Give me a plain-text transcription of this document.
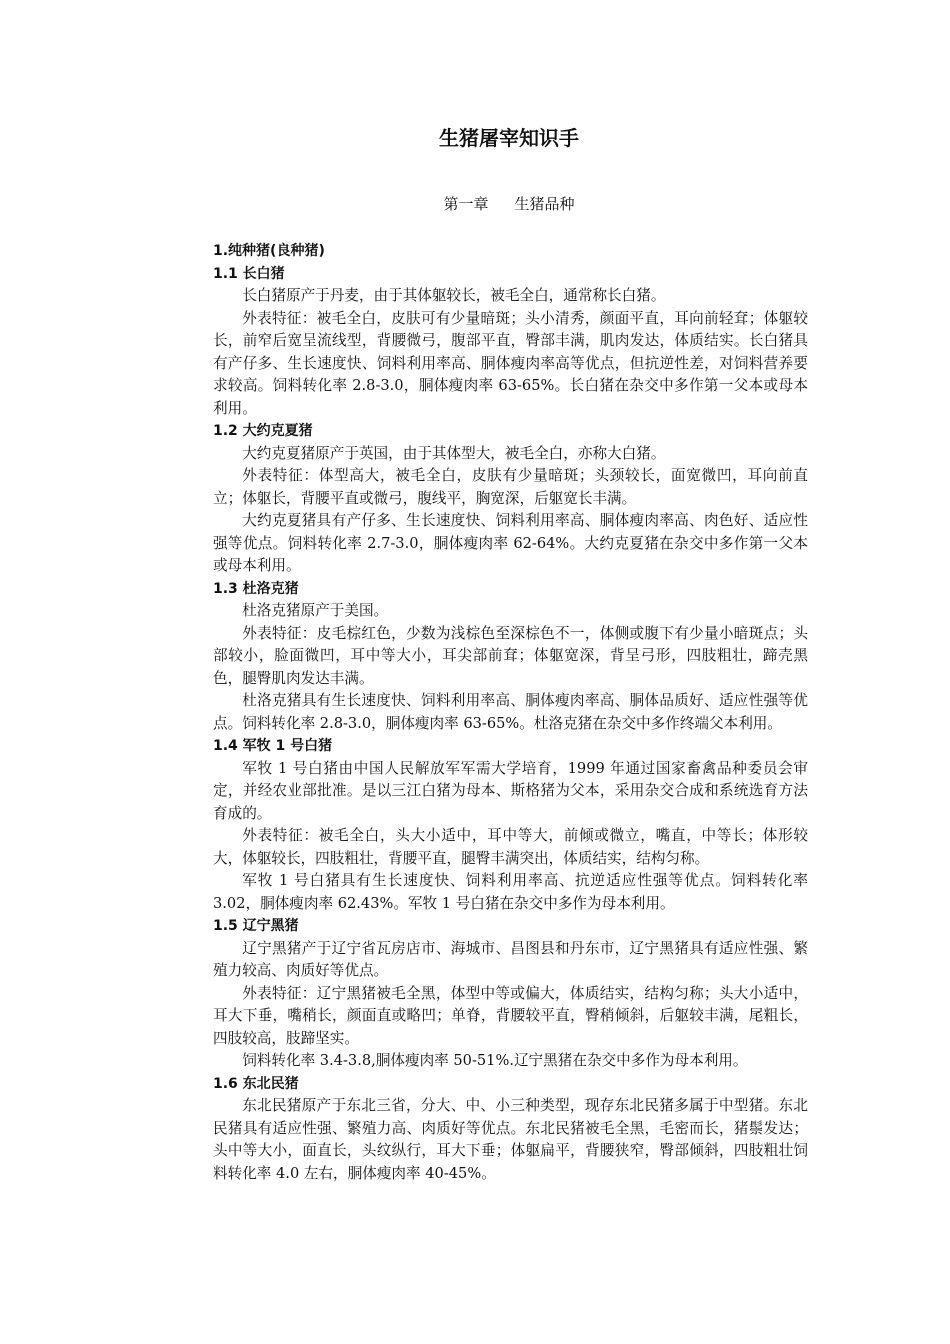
生猪屠宰知识手
第一章 生猪品种
1.纯种猪(良种猪)
1.1 长白猪

长白猪原产于丹麦，由于其体躯较长，被毛全白，通常称长白猪。

外表特征：被毛全白，皮肤可有少量暗斑；头小清秀，颜面平直，耳向前轻耷；体躯较长，前窄后宽呈流线型，背腰微弓，腹部平直，臀部丰满，肌肉发达，体质结实。长白猪具有产仔多、生长速度快、饲料利用率高、胴体瘦肉率高等优点，但抗逆性差，对饲料营养要求较高。饲料转化率 2.8-3.0，胴体瘦肉率 63-65%。长白猪在杂交中多作第一父本或母本利用。

1.2 大约克夏猪

大约克夏猪原产于英国，由于其体型大，被毛全白，亦称大白猪。

外表特征：体型高大，被毛全白，皮肤有少量暗斑；头颈较长，面宽微凹，耳向前直立；体躯长，背腰平直或微弓，腹线平，胸宽深，后躯宽长丰满。

大约克夏猪具有产仔多、生长速度快、饲料利用率高、胴体瘦肉率高、肉色好、适应性强等优点。饲料转化率 2.7-3.0，胴体瘦肉率 62-64%。大约克夏猪在杂交中多作第一父本或母本利用。

1.3 杜洛克猪

杜洛克猪原产于美国。

外表特征：皮毛棕红色，少数为浅棕色至深棕色不一，体侧或腹下有少量小暗斑点；头部较小，脸面微凹，耳中等大小，耳尖部前耷；体躯宽深，背呈弓形，四肢粗壮，蹄壳黑色，腿臀肌肉发达丰满。

杜洛克猪具有生长速度快、饲料利用率高、胴体瘦肉率高、胴体品质好、适应性强等优点。饲料转化率 2.8-3.0，胴体瘦肉率 63-65%。杜洛克猪在杂交中多作终端父本利用。

1.4 军牧 1 号白猪

军牧 1 号白猪由中国人民解放军军需大学培育，1999 年通过国家畜禽品种委员会审定，并经农业部批准。是以三江白猪为母本、斯格猪为父本，采用杂交合成和系统选育方法育成的。

外表特征：被毛全白，头大小适中，耳中等大，前倾或微立，嘴直，中等长；体形较大，体躯较长，四肢粗壮，背腰平直，腿臀丰满突出，体质结实，结构匀称。

军牧 1 号白猪具有生长速度快、饲料利用率高、抗逆适应性强等优点。饲料转化率 3.02，胴体瘦肉率 62.43%。军牧 1 号白猪在杂交中多作为母本利用。

1.5 辽宁黑猪

辽宁黑猪产于辽宁省瓦房店市、海城市、昌图县和丹东市，辽宁黑猪具有适应性强、繁殖力较高、肉质好等优点。

外表特征：辽宁黑猪被毛全黑，体型中等或偏大，体质结实，结构匀称；头大小适中，耳大下垂，嘴稍长，颜面直或略凹；单脊，背腰较平直，臀稍倾斜，后躯较丰满，尾粗长，四肢较高，肢蹄坚实。

饲料转化率 3.4-3.8,胴体瘦肉率 50-51%.辽宁黑猪在杂交中多作为母本利用。

1.6 东北民猪

东北民猪原产于东北三省，分大、中、小三种类型，现存东北民猪多属于中型猪。东北民猪具有适应性强、繁殖力高、肉质好等优点。东北民猪被毛全黑，毛密而长，猪鬃发达；头中等大小，面直长，头纹纵行，耳大下垂；体躯扁平，背腰狭窄，臀部倾斜，四肢粗壮饲料转化率 4.0 左右，胴体瘦肉率 40-45%。
